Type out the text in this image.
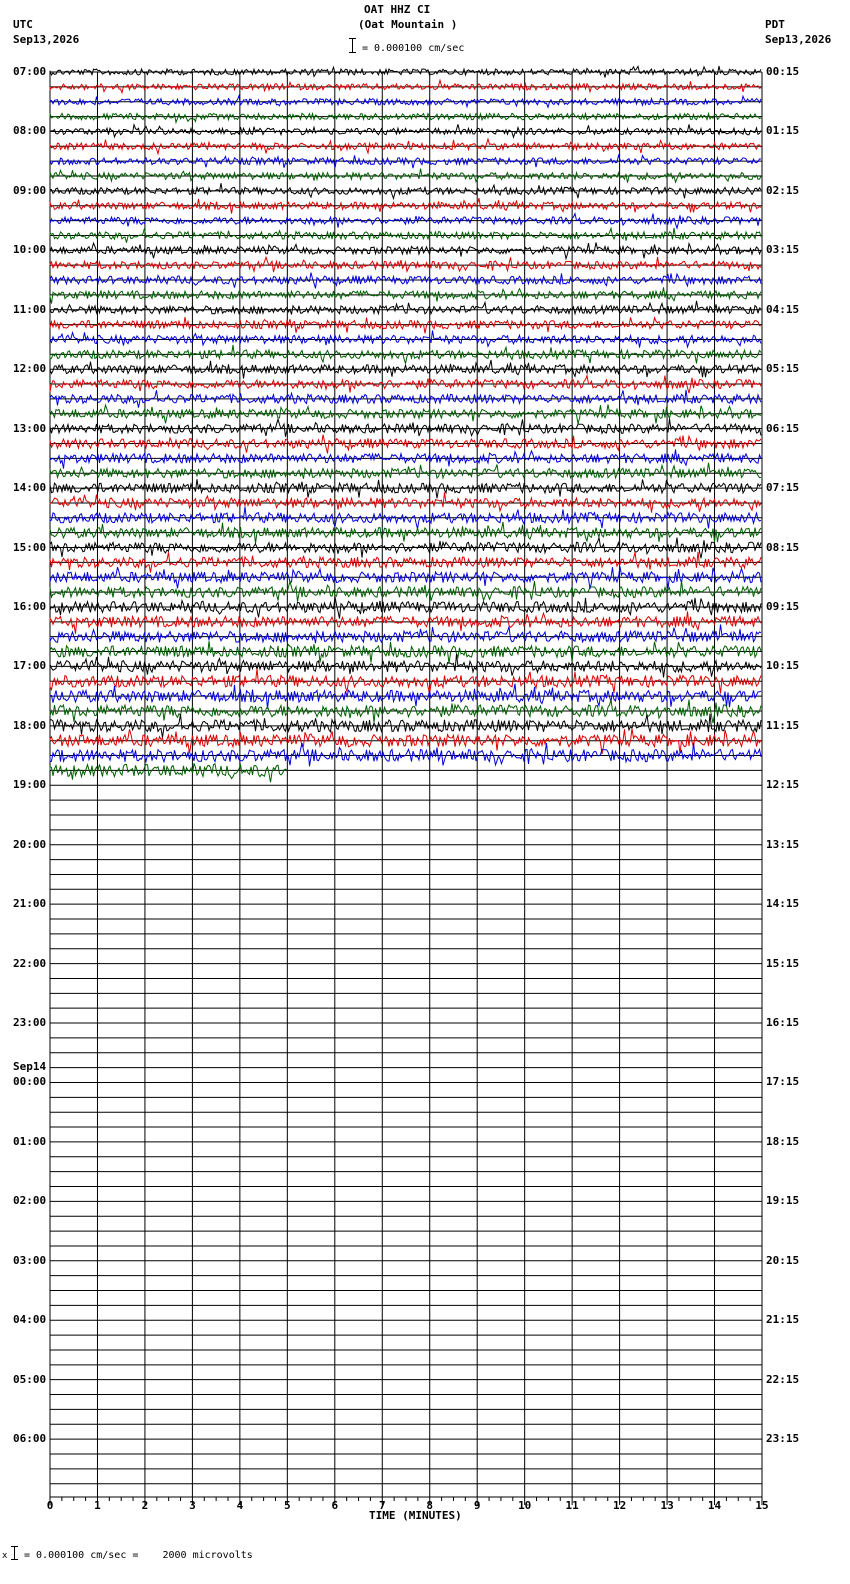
OAT HHZ CI
(Oat Mountain )
= 0.000100 cm/sec
UTC
Sep13,2026
PDT
Sep13,2026
07:00
08:00
09:00
10:00
11:00
12:00
13:00
14:00
15:00
16:00
17:00
18:00
19:00
20:00
21:00
22:00
23:00
00:00
01:00
02:00
03:00
04:00
05:00
06:00
00:15
01:15
02:15
03:15
04:15
05:15
06:15
07:15
08:15
09:15
10:15
11:15
12:15
13:15
14:15
15:15
16:15
17:15
18:15
19:15
20:15
21:15
22:15
23:15
Sep14
0	1	2	3	4	5	6	7	8	9	10	11	12	13	14	15
TIME (MINUTES)
x = 0.000100 cm/sec =    2000 microvolts
